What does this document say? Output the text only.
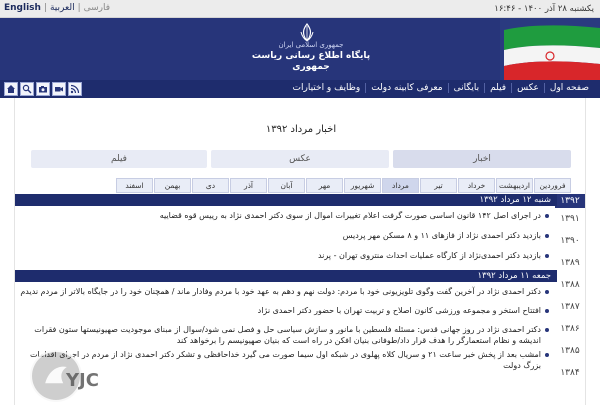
English | العربية | فارسی	یکشنبه ۲۸ آذر ۱۴۰۰ - ۱۶:۴۶
جمهوری اسلامی ایران
پایگاه اطلاع رسانی ریاست جمهوری
صفحه اول
عکس
فیلم
بایگانی
معرفی کابینه دولت
وظایف و اختیارات
اخبار مرداد ۱۳۹۲
اخبار
عکس
فیلم
فروردین
اردیبهشت
خرداد
تیر
مرداد
شهریور
مهر
آبان
آذر
دی
بهمن
اسفند
۱۳۹۲
۱۳۹۱
۱۳۹۰
۱۳۸۹
۱۳۸۸
۱۳۸۷
۱۳۸۶
۱۳۸۵
۱۳۸۴
شنبه ۱۲ مرداد ۱۳۹۲
در اجرای اصل ۱۴۲ قانون اساسی صورت گرفت اعلام تغییرات اموال از سوی دکتر احمدی نژاد به رییس قوه قضاییه
بازدید دکتر احمدی نژاد از فازهای ۱۱ و ۸ مسکن مهر پردیس
بازدید دکتر احمدی‌نژاد از کارگاه عملیات احداث منتروی تهران - پرند
جمعه ۱۱ مرداد ۱۳۹۲
دکتر احمدی نژاد در آخرین گفت وگوی تلویزیونی خود با مردم: دولت نهم و دهم به عهد خود با مردم وفادار ماند / همچنان خود را در جایگاه بالاتر از مردم ندیدم
افتتاح استخر و مجموعه ورزشی کانون اصلاح و تربیت تهران با حضور دکتر احمدی نژاد
دکتر احمدی نژاد در روز جهانی قدس: مسئله فلسطین با مانور و سازش سیاسی حل و فصل نمی شود/سوال از مبنای موجودیت صهیونیستها ستون فقرات اندیشه و نظام استعمارگر را هدف قرار داد/طوفانی بنیان افکن در راه است که بنیان صهیونیسم را برخواهد کند
امشب بعد از پخش خبر ساعت ۲۱ و سریال کلاه پهلوی در شبکه اول سیما صورت می گیرد خداحافظی و تشکر دکتر احمدی نژاد از مردم در اجرای اقدامات بزرگ دولت
YJC
